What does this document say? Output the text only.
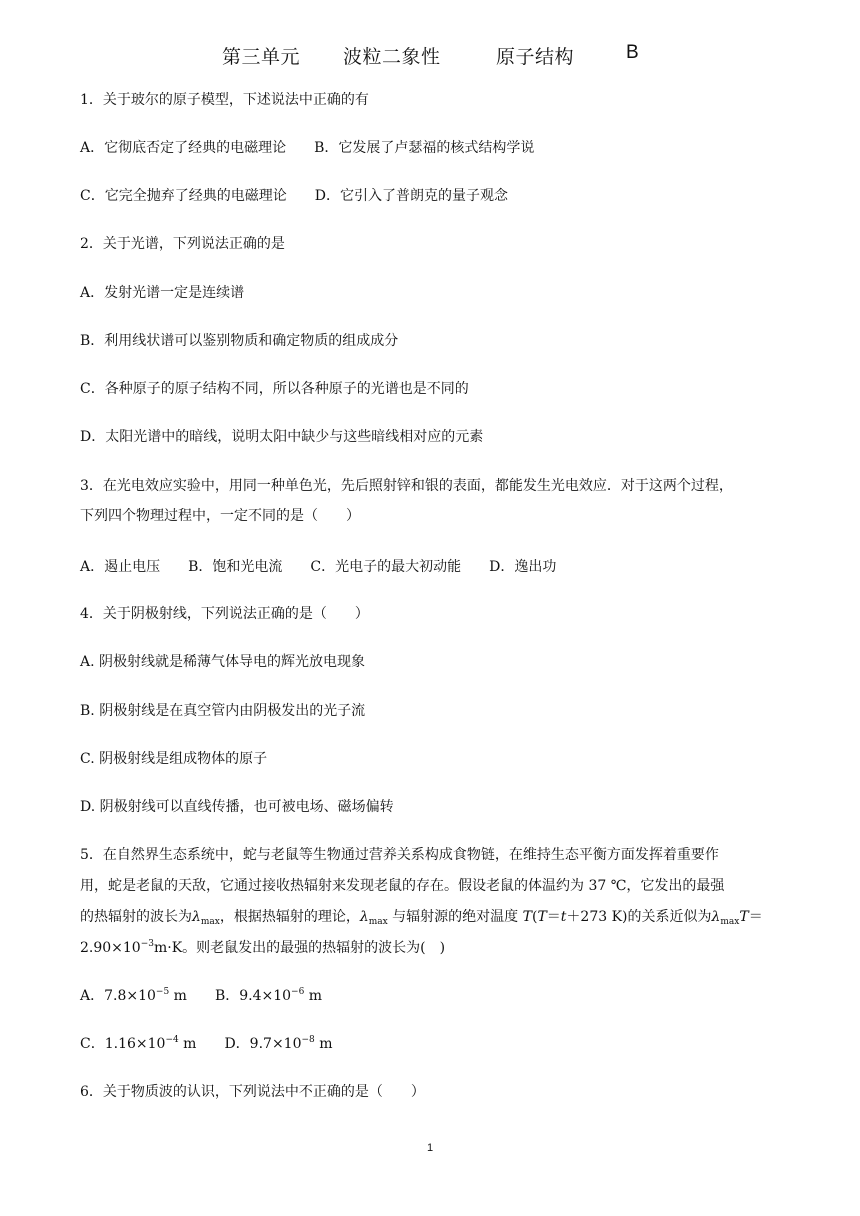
第三单元 波粒二象性	原子结构	B
1．关于玻尔的原子模型，下述说法中正确的有
A．它彻底否定了经典的电磁理论 B．它发展了卢瑟福的核式结构学说
C．它完全抛弃了经典的电磁理论 D．它引入了普朗克的量子观念
2．关于光谱，下列说法正确的是
A．发射光谱一定是连续谱
B．利用线状谱可以鉴别物质和确定物质的组成成分
C．各种原子的原子结构不同，所以各种原子的光谱也是不同的
D．太阳光谱中的暗线，说明太阳中缺少与这些暗线相对应的元素
3．在光电效应实验中，用同一种单色光，先后照射锌和银的表面，都能发生光电效应．对于这两个过程，
下列四个物理过程中，一定不同的是（　　）
A．遏止电压 B．饱和光电流 C．光电子的最大初动能 D．逸出功
4．关于阴极射线，下列说法正确的是（　　）
A. 阴极射线就是稀薄气体导电的辉光放电现象
B. 阴极射线是在真空管内由阴极发出的光子流
C. 阴极射线是组成物体的原子
D. 阴极射线可以直线传播，也可被电场、磁场偏转
5．在自然界生态系统中，蛇与老鼠等生物通过营养关系构成食物链，在维持生态平衡方面发挥着重要作
用，蛇是老鼠的天敌，它通过接收热辐射来发现老鼠的存在。假设老鼠的体温约为 37 ℃，它发出的最强
的热辐射的波长为$\lambda_{max}$，根据热辐射的理论，$\lambda_{max}$ 与辐射源的绝对温度 T(T＝t＋273 K)的关系近似为$\lambda_{max}T=$
$2.90\times 10^{-3}m\cdot K$。则老鼠发出的最强的热辐射的波长为(　)
A．$7.8\times 10^{-5}$ m B．$9.4\times 10^{-6}$ m
C．$1.16\times 10^{-4}$ m D．$9.7\times 10^{-8}$ m
6．关于物质波的认识，下列说法中不正确的是（　　）
1
